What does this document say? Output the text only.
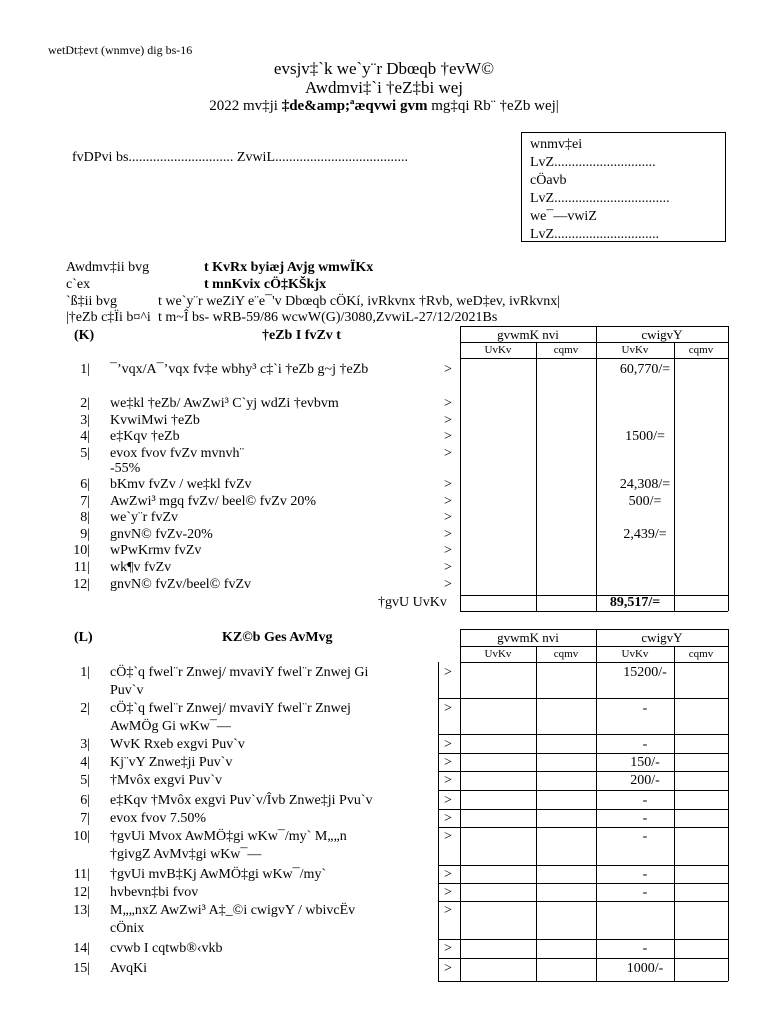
wetDt‡evt (wnmve) dig bs-16
evsjv‡`k we`y¨r Dbœqb †evW©
Awdmvi‡`i †eZ‡bi wej
2022 mv‡ji ‡de&amp;ªæqvwi gvm mg‡qi Rb¨ †eZb wej|
wnmv‡ei
LvZ.............................
cÖavb
LvZ.................................
we¯—vwiZ
LvZ..............................
fvDPvi bs.............................. ZvwiL......................................
Awdmv‡ii bvg	t KvRx byiæj Avjg wmwÏKx
c`ex	t mnKvix cÖ‡KŠkjx
`ß‡ii bvg	t we`y¨r weZiY e¨e¯'v Dbœqb cÖKí, ivRkvnx †Rvb, weD‡ev, ivRkvnx|
|†eZb c‡Ïi b¤^i t m~Î bs- wRB-59/86 wcwW(G)/3080,ZvwiL-27/12/2021Bs
(K)	†eZb I fvZv t	gvwmK nvi	cwigvY
UvKv	cqmv	UvKv	cqmv
1| ¯’vqx/A¯’vqx fv‡e wbhy³ c‡`i †eZb g~j †eZb	>	60,770/=
2| we‡kl †eZb/ AwZwi³ C`yj wdZi †evbvm	>
3| KvwiMwi †eZb	>
4| e‡Kqv †eZb	>	1500/=
5| evox fvov fvZv mvnvh¨	>
-55%
6| bKmv fvZv / we‡kl fvZv	>	24,308/=
7| AwZwi³ mgq fvZv/ beel© fvZv 20%	>	500/=
8| we`y¨r fvZv	>
9| gnvN© fvZv-20%	>	2,439/=
10| wPwKrmv fvZv	>
11| wk¶v fvZv	>
12| gnvN© fvZv/beel© fvZv	>
†gvU UvKv	89,517/=
(L)	KZ©b Ges AvMvg	gvwmK nvi	cwigvY
UvKv	cqmv	UvKv	cqmv
1| cÖ‡`q fwel¨r Znwej/ mvaviY fwel¨r Znwej Gi
Puv`v
>	15200/-
2| cÖ‡`q fwel¨r Znwej/ mvaviY fwel¨r Znwej
AwMÖg Gi wKw¯—
>	-
3| WvK Rxeb exgvi Puv`v	>	-
4| Kj¨vY Znwe‡ji Puv`v	>	150/-
5| †Mvôx exgvi Puv`v	>	200/-
6| e‡Kqv †Mvôx exgvi Puv`v/Îvb Znwe‡ji Pvu`v	>	-
7| evox fvov 7.50%	>	-
10| †gvUi Mvox AwMÖ‡gi wKw¯/my` M„„n
†givgZ AvMv‡gi wKw¯—
>	-
11| †gvUi mvB‡Kj AwMÖ‡gi wKw¯/my`	>	-
12| hvbevn‡bi fvov	>	-
13| M„„nxZ AwZwi³ A‡_©i cwigvY / wbivcËv
cÖnix
>
14| cvwb I cqtwb®‹vkb	>	-
15| AvqKi	>	1000/-
